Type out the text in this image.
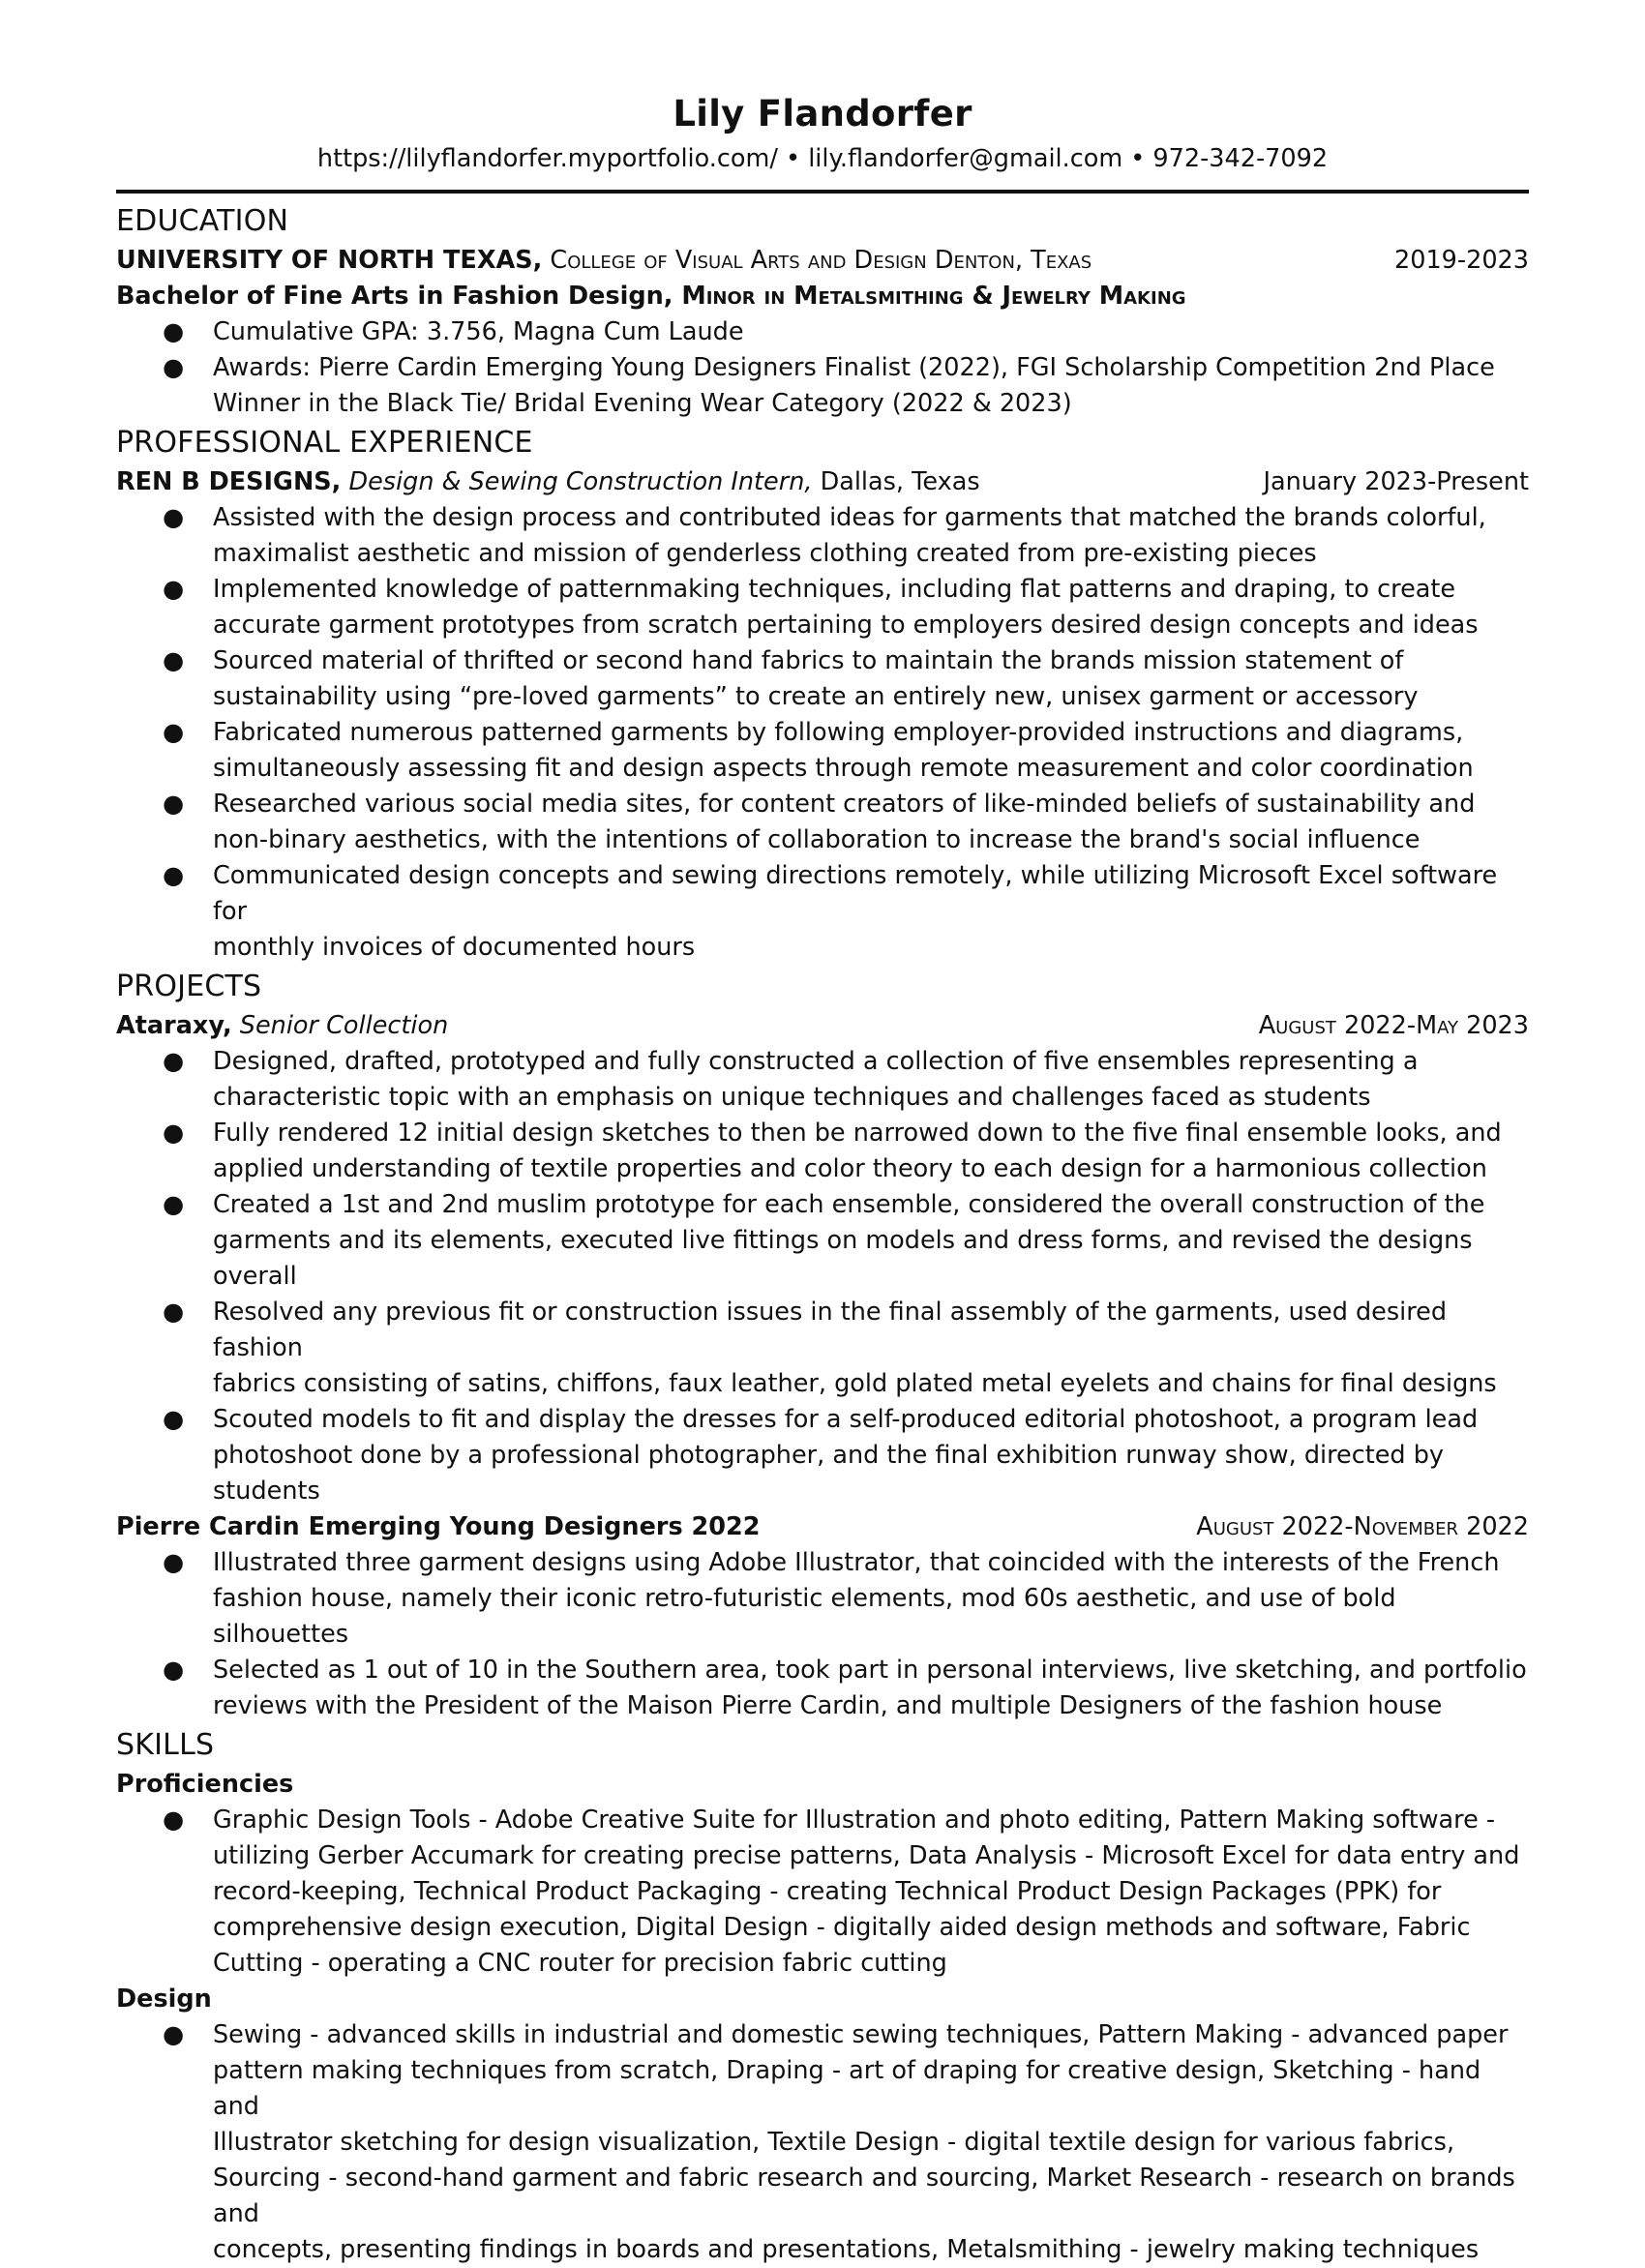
Lily Flandorfer
https://lilyflandorfer.myportfolio.com/ • lily.flandorfer@gmail.com • 972-342-7092
EDUCATION
UNIVERSITY OF NORTH TEXAS, College of Visual Arts and Design Denton, Texas	2019-2023
Bachelor of Fine Arts in Fashion Design, Minor in Metalsmithing & Jewelry Making
● Cumulative GPA: 3.756, Magna Cum Laude
● Awards: Pierre Cardin Emerging Young Designers Finalist (2022), FGI Scholarship Competition 2nd Place
Winner in the Black Tie/ Bridal Evening Wear Category (2022 & 2023)
PROFESSIONAL EXPERIENCE
REN B DESIGNS, Design & Sewing Construction Intern, Dallas, Texas	January 2023-Present
● Assisted with the design process and contributed ideas for garments that matched the brands colorful,
maximalist aesthetic and mission of genderless clothing created from pre-existing pieces
● Implemented knowledge of patternmaking techniques, including flat patterns and draping, to create
accurate garment prototypes from scratch pertaining to employers desired design concepts and ideas
● Sourced material of thrifted or second hand fabrics to maintain the brands mission statement of
sustainability using “pre-loved garments” to create an entirely new, unisex garment or accessory
● Fabricated numerous patterned garments by following employer-provided instructions and diagrams,
simultaneously assessing fit and design aspects through remote measurement and color coordination
● Researched various social media sites, for content creators of like-minded beliefs of sustainability and
non-binary aesthetics, with the intentions of collaboration to increase the brand's social influence
● Communicated design concepts and sewing directions remotely, while utilizing Microsoft Excel software for
monthly invoices of documented hours
PROJECTS
Ataraxy, Senior Collection	August 2022-May 2023
● Designed, drafted, prototyped and fully constructed a collection of five ensembles representing a
characteristic topic with an emphasis on unique techniques and challenges faced as students
● Fully rendered 12 initial design sketches to then be narrowed down to the five final ensemble looks, and
applied understanding of textile properties and color theory to each design for a harmonious collection
● Created a 1st and 2nd muslim prototype for each ensemble, considered the overall construction of the
garments and its elements, executed live fittings on models and dress forms, and revised the designs overall
● Resolved any previous fit or construction issues in the final assembly of the garments, used desired fashion
fabrics consisting of satins, chiffons, faux leather, gold plated metal eyelets and chains for final designs
● Scouted models to fit and display the dresses for a self-produced editorial photoshoot, a program lead
photoshoot done by a professional photographer, and the final exhibition runway show, directed by students
Pierre Cardin Emerging Young Designers 2022	August 2022-November 2022
● Illustrated three garment designs using Adobe Illustrator, that coincided with the interests of the French
fashion house, namely their iconic retro-futuristic elements, mod 60s aesthetic, and use of bold silhouettes
● Selected as 1 out of 10 in the Southern area, took part in personal interviews, live sketching, and portfolio
reviews with the President of the Maison Pierre Cardin, and multiple Designers of the fashion house
SKILLS
Proficiencies
● Graphic Design Tools - Adobe Creative Suite for Illustration and photo editing, Pattern Making software -
utilizing Gerber Accumark for creating precise patterns, Data Analysis - Microsoft Excel for data entry and
record-keeping, Technical Product Packaging - creating Technical Product Design Packages (PPK) for
comprehensive design execution, Digital Design - digitally aided design methods and software, Fabric
Cutting - operating a CNC router for precision fabric cutting
Design
● Sewing - advanced skills in industrial and domestic sewing techniques, Pattern Making - advanced paper
pattern making techniques from scratch, Draping - art of draping for creative design, Sketching - hand and
Illustrator sketching for design visualization, Textile Design - digital textile design for various fabrics,
Sourcing - second-hand garment and fabric research and sourcing, Market Research - research on brands and
concepts, presenting findings in boards and presentations, Metalsmithing - jewelry making techniques
